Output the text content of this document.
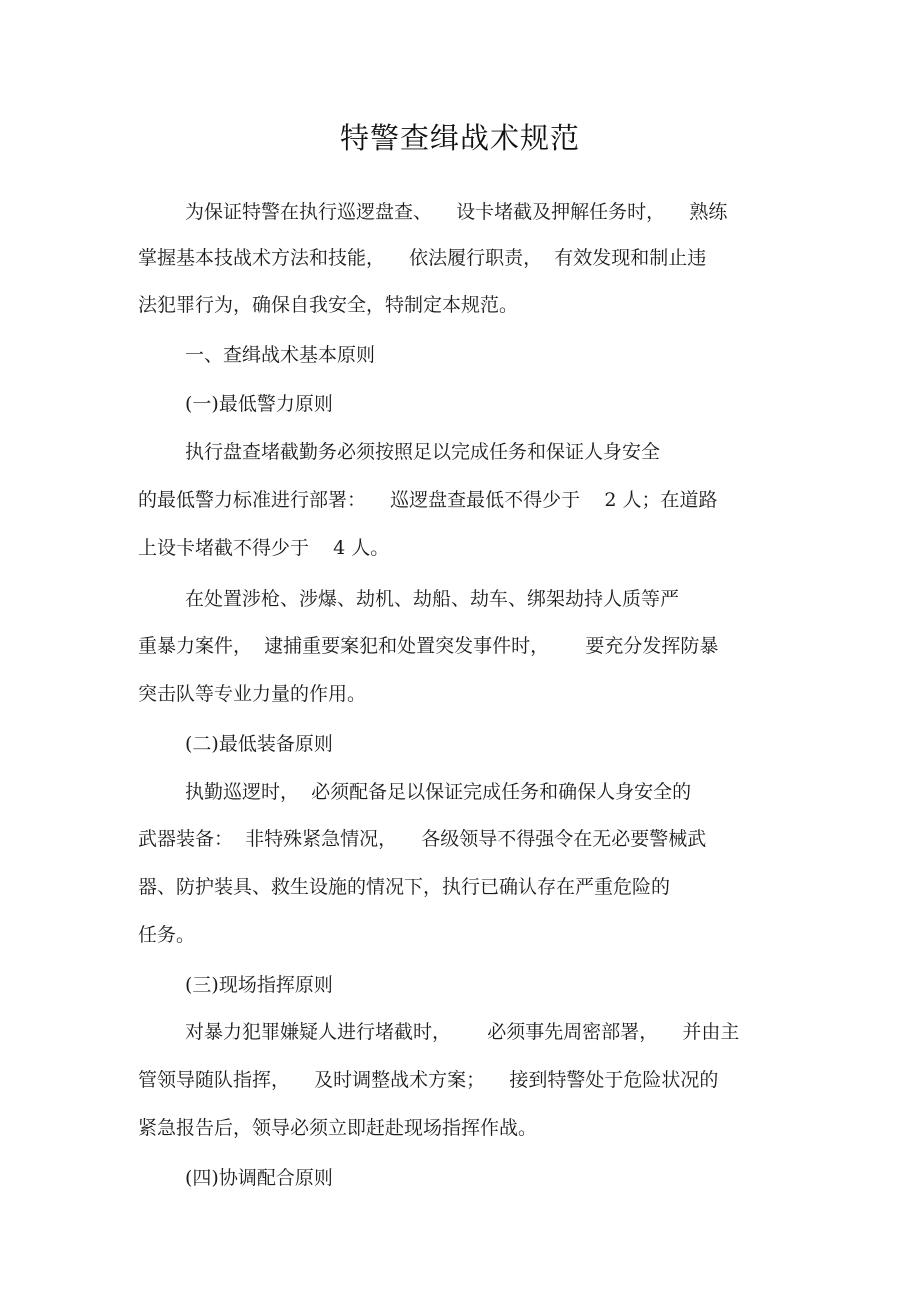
特警查缉战术规范
为保证特警在执行巡逻盘查、    设卡堵截及押解任务时，    熟练
掌握基本技战术方法和技能，    依法履行职责，  有效发现和制止违
法犯罪行为，确保自我安全，特制定本规范。
一、查缉战术基本原则
(一)最低警力原则
执行盘查堵截勤务必须按照足以完成任务和保证人身安全
的最低警力标准进行部署：    巡逻盘查最低不得少于    2 人；在道路
上设卡堵截不得少于    4 人。
在处置涉枪、涉爆、劫机、劫船、劫车、绑架劫持人质等严
重暴力案件，  逮捕重要案犯和处置突发事件时，      要充分发挥防暴
突击队等专业力量的作用。
(二)最低装备原则
执勤巡逻时，  必须配备足以保证完成任务和确保人身安全的
武器装备：  非特殊紧急情况，    各级领导不得强令在无必要警械武
器、防护装具、救生设施的情况下，执行已确认存在严重危险的
任务。
(三)现场指挥原则
对暴力犯罪嫌疑人进行堵截时，      必须事先周密部署，    并由主
管领导随队指挥，    及时调整战术方案；    接到特警处于危险状况的
紧急报告后，领导必须立即赶赴现场指挥作战。
(四)协调配合原则
